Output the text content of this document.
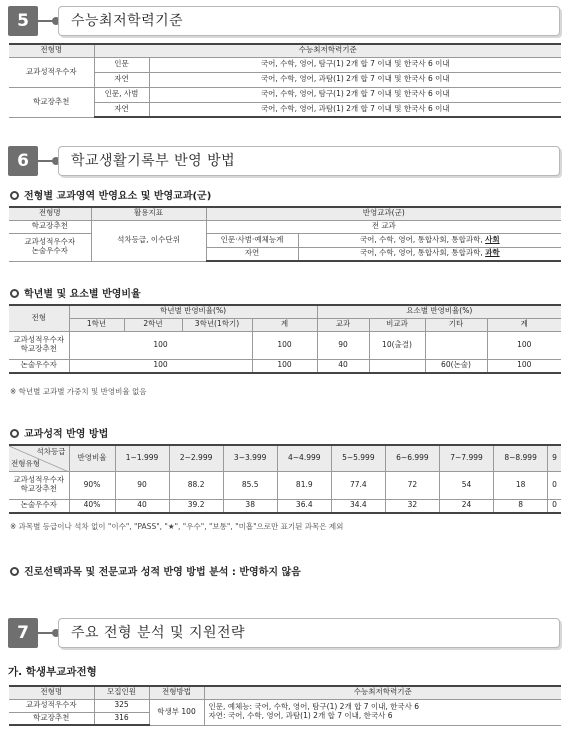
5	수능최저학력기준
전형명	수능최저학력기준	
교과성적우수자	인문	국어, 수학, 영어, 탐구(1) 2개 합 7 이내 및 한국사 6 이내
	자연	국어, 수학, 영어, 과탐(1) 2개 합 7 이내 및 한국사 6 이내
학교장추천	인문, 사범	국어, 수학, 영어, 탐구(1) 2개 합 7 이내 및 한국사 6 이내
	자연	국어, 수학, 영어, 과탐(1) 2개 합 7 이내 및 한국사 6 이내
6	학교생활기록부 반영 방법
전형별 교과영역 반영요소 및 반영교과(군)
전형명	활용지표	반영교과(군)	
학교장추천	석차등급, 이수단위	전 교과	
교과성적우수자
논술우수자		인문·사범·예체능계	국어, 수학, 영어, 통합사회, 통합과학, 사회
		자연	국어, 수학, 영어, 통합사회, 통합과학, 과학
학년별 및 요소별 반영비율
전형	학년별 반영비율(%)				요소별 반영비율(%)			
	1학년	2학년	3학년(1학기)	계	교과	비교과	기타	계
교과성적우수자
학교장추천	100			100	90	10(출결)		100
논술우수자	100			100	40		60(논술)	100
※ 학년별 교과별 가중치 및 반영비율 없음
교과성적 반영 방법
석차등급
전형유형	반영비율	1~1.999	2~2.999	3~3.999	4~4.999	5~5.999	6~6.999	7~7.999	8~8.999	9
교과성적우수자
학교장추천	90%	90	88.2	85.5	81.9	77.4	72	54	18	0
논술우수자	40%	40	39.2	38	36.4	34.4	32	24	8	0
※ 과목별 등급이나 석차 없이 "이수", "PASS", "★", "우수", "보통", "미흡"으로만 표기된 과목은 제외
진로선택과목 및 전문교과 성적 반영 방법 분석 : 반영하지 않음
7	주요 전형 분석 및 지원전략
가. 학생부교과전형
전형명	모집인원	전형방법	수능최저학력기준
교과성적우수자	325	학생부 100	인문, 예체능: 국어, 수학, 영어, 탐구(1) 2개 합 7 이내, 한국사 6
자연: 국어, 수학, 영어, 과탐(1) 2개 합 7 이내, 한국사 6
학교장추천	316		
